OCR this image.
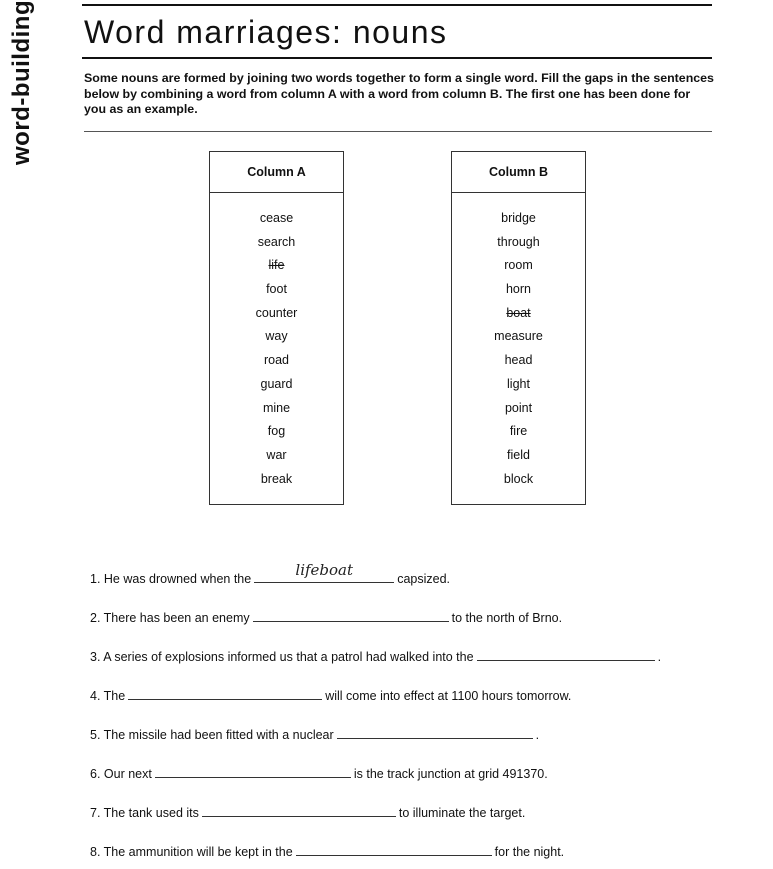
word-building Word marriages: nouns

Some nouns are formed by joining two words together to form a single word. Fill the gaps in the sentences below by combining a word from column A with a word from column B. The first one has been done for you as an example.

Column A
cease
search
life
foot
counter
way
road
guard
mine
fog
war
break
Column B
bridge
through
room
horn
boat
measure
head
light
point
fire
field
block
1. He was drowned when the	lifeboat	capsized.
2. There has been an enemy	to the north of Brno.
3. A series of explosions informed us that a patrol had walked into the	.
4. The	will come into effect at 1100 hours tomorrow.
5. The missile had been fitted with a nuclear	.
6. Our next	is the track junction at grid 491370.
7. The tank used its	to illuminate the target.
8. The ammunition will be kept in the	for the night.
